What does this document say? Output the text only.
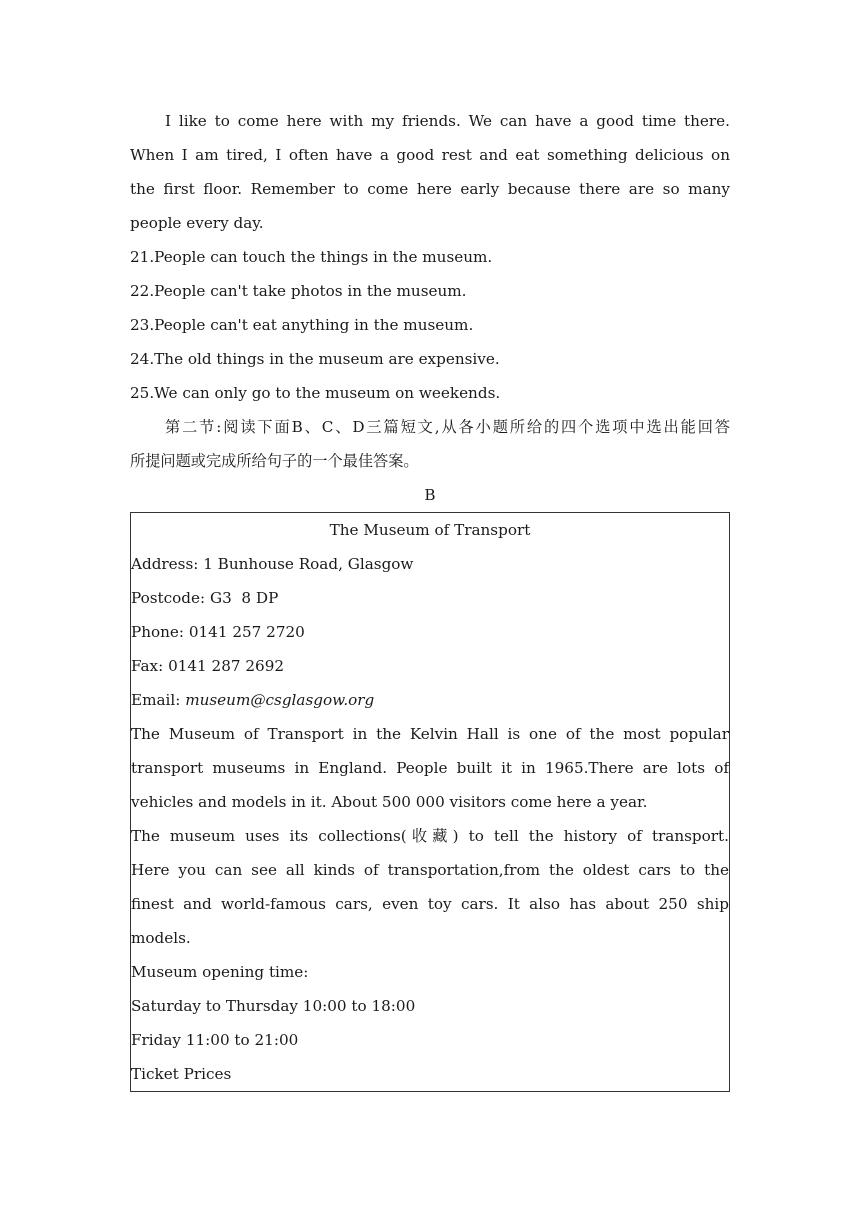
I like to come here with my friends. We can have a good time there.
When I am tired, I often have a good rest and eat something delicious on
the first floor. Remember to come here early because there are so many
people every day.
21.People can touch the things in the museum.
22.People can't take photos in the museum.
23.People can't eat anything in the museum.
24.The old things in the museum are expensive.
25.We can only go to the museum on weekends.
第二节:阅读下面B、C、D三篇短文,从各小题所给的四个选项中选出能回答
所提问题或完成所给句子的一个最佳答案。
B
The Museum of Transport
Address: 1 Bunhouse Road, Glasgow
Postcode: G3  8 DP
Phone: 0141 257 2720
Fax: 0141 287 2692
Email: museum@csglasgow.org
The Museum of Transport in the Kelvin Hall is one of the most popular
transport museums in England. People built it in 1965.There are lots of
vehicles and models in it. About 500 000 visitors come here a year.
The museum uses its collections(收藏) to tell the history of transport.
Here you can see all kinds of transportation,from the oldest cars to the
finest and world-famous cars, even toy cars. It also has about 250 ship
models.
Museum opening time:
Saturday to Thursday 10:00 to 18:00
Friday 11:00 to 21:00
Ticket Prices
